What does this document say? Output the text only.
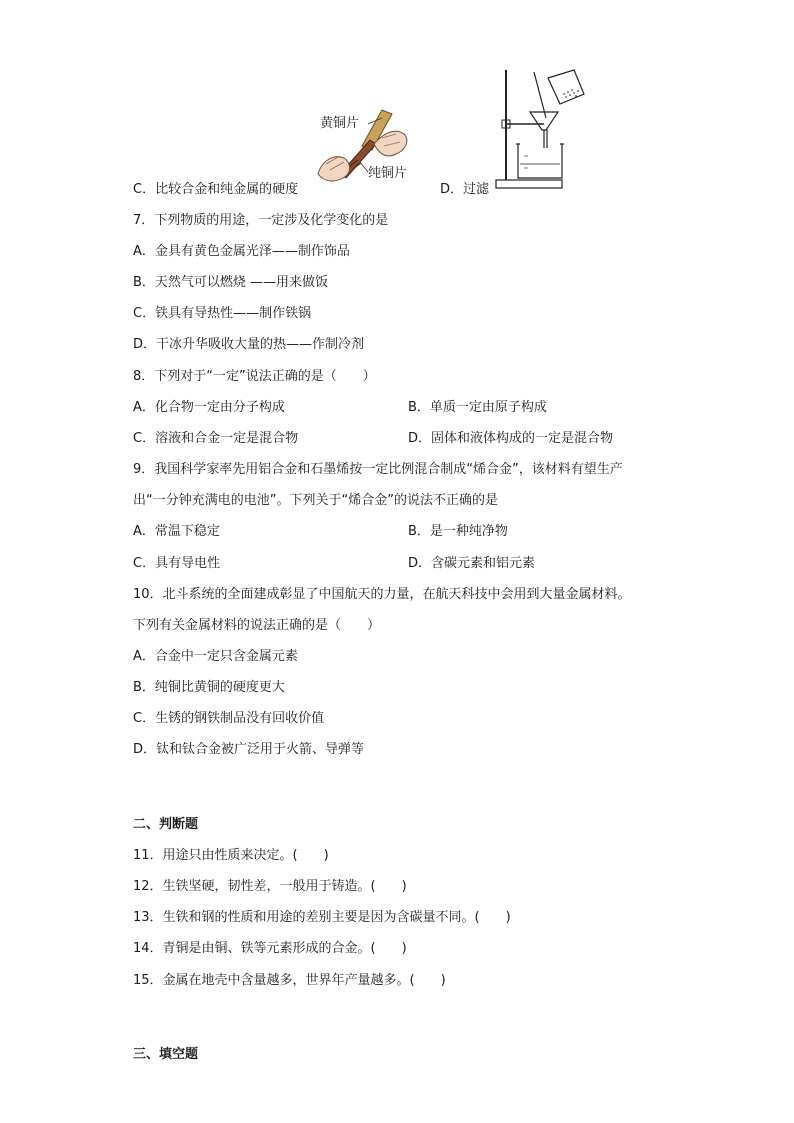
黄铜片
纯铜片
C．比较合金和纯金属的硬度	D．过滤
7．下列物质的用途，一定涉及化学变化的是
A．金具有黄色金属光泽——制作饰品
B．天然气可以燃烧 ——用来做饭
C．铁具有导热性——制作铁锅
D．干冰升华吸收大量的热——作制冷剂
8．下列对于“一定”说法正确的是（　　）
A．化合物一定由分子构成	B．单质一定由原子构成
C．溶液和合金一定是混合物	D．固体和液体构成的一定是混合物
9．我国科学家率先用铝合金和石墨烯按一定比例混合制成“烯合金”，该材料有望生产
出“一分钟充满电的电池”。下列关于“烯合金”的说法不正确的是
A．常温下稳定	B．是一种纯净物
C．具有导电性	D．含碳元素和铝元素
10．北斗系统的全面建成彰显了中国航天的力量，在航天科技中会用到大量金属材料。
下列有关金属材料的说法正确的是（　　）
A．合金中一定只含金属元素
B．纯铜比黄铜的硬度更大
C．生锈的钢铁制品没有回收价值
D．钛和钛合金被广泛用于火箭、导弹等
二、判断题
11．用途只由性质来决定。(　　)
12．生铁坚硬，韧性差，一般用于铸造。(　　)
13．生铁和钢的性质和用途的差别主要是因为含碳量不同。(　　)
14．青铜是由铜、铁等元素形成的合金。(　　)
15．金属在地壳中含量越多，世界年产量越多。(　　)
三、填空题
